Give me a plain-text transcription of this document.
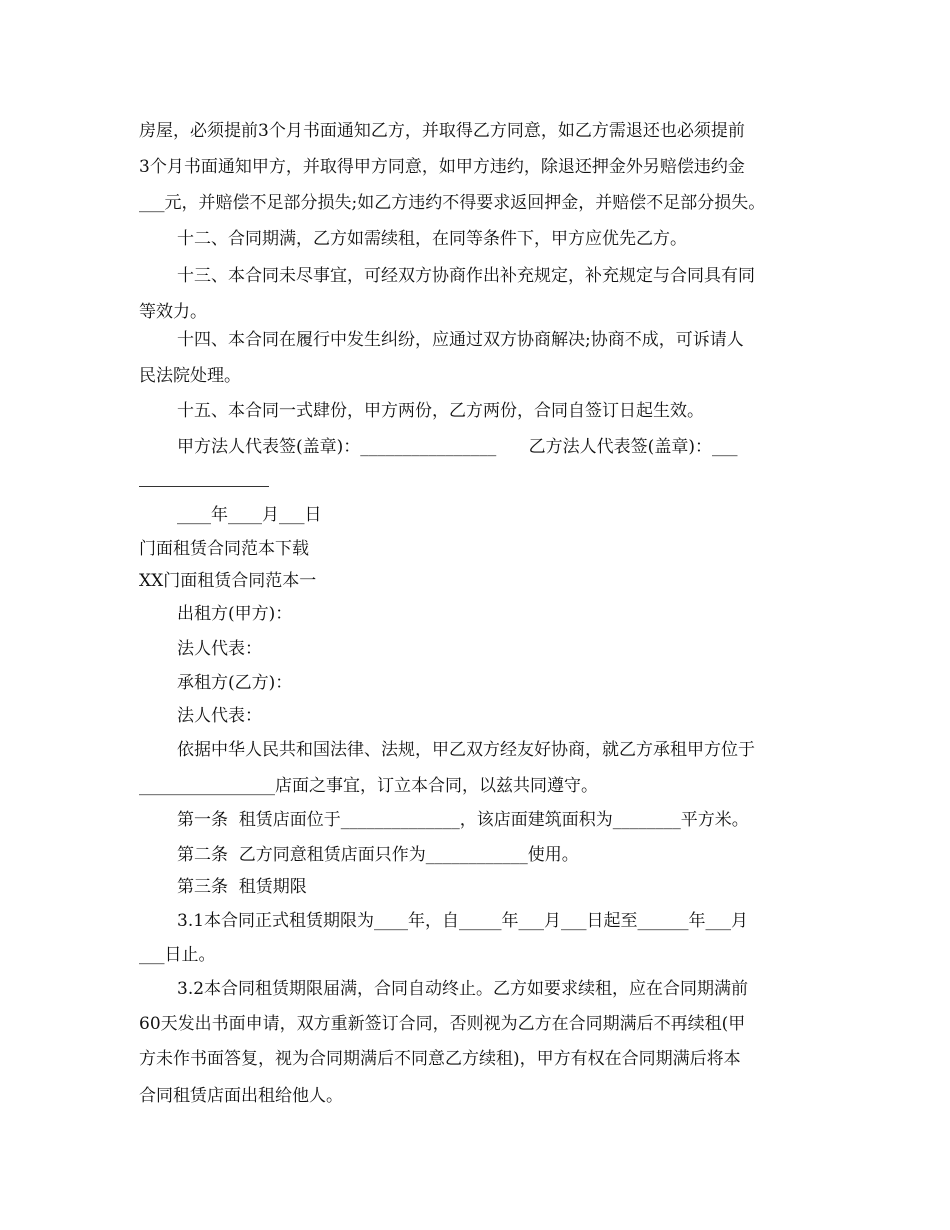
房屋，必须提前3个月书面通知乙方，并取得乙方同意，如乙方需退还也必须提前
3个月书面通知甲方，并取得甲方同意，如甲方违约，除退还押金外另赔偿违约金
___元，并赔偿不足部分损失;如乙方违约不得要求返回押金，并赔偿不足部分损失。
十二、合同期满，乙方如需续租，在同等条件下，甲方应优先乙方。
十三、本合同未尽事宜，可经双方协商作出补充规定，补充规定与合同具有同
等效力。
十四、本合同在履行中发生纠纷，应通过双方协商解决;协商不成，可诉请人
民法院处理。
十五、本合同一式肆份，甲方两份，乙方两份，合同自签订日起生效。
甲方法人代表签(盖章)：________________      乙方法人代表签(盖章)：___
____年____月___日
门面租赁合同范本下载
XX门面租赁合同范本一
出租方(甲方)：
法人代表：
承租方(乙方)：
法人代表：
依据中华人民共和国法律、法规，甲乙双方经友好协商，就乙方承租甲方位于
________________店面之事宜，订立本合同，以兹共同遵守。
第一条  租赁店面位于______________，该店面建筑面积为________平方米。
第二条  乙方同意租赁店面只作为____________使用。
第三条  租赁期限
3.1本合同正式租赁期限为____年，自_____年___月___日起至______年___月
___日止。
3.2本合同租赁期限届满，合同自动终止。乙方如要求续租，应在合同期满前
60天发出书面申请，双方重新签订合同，否则视为乙方在合同期满后不再续租(甲
方未作书面答复，视为合同期满后不同意乙方续租)，甲方有权在合同期满后将本
合同租赁店面出租给他人。
